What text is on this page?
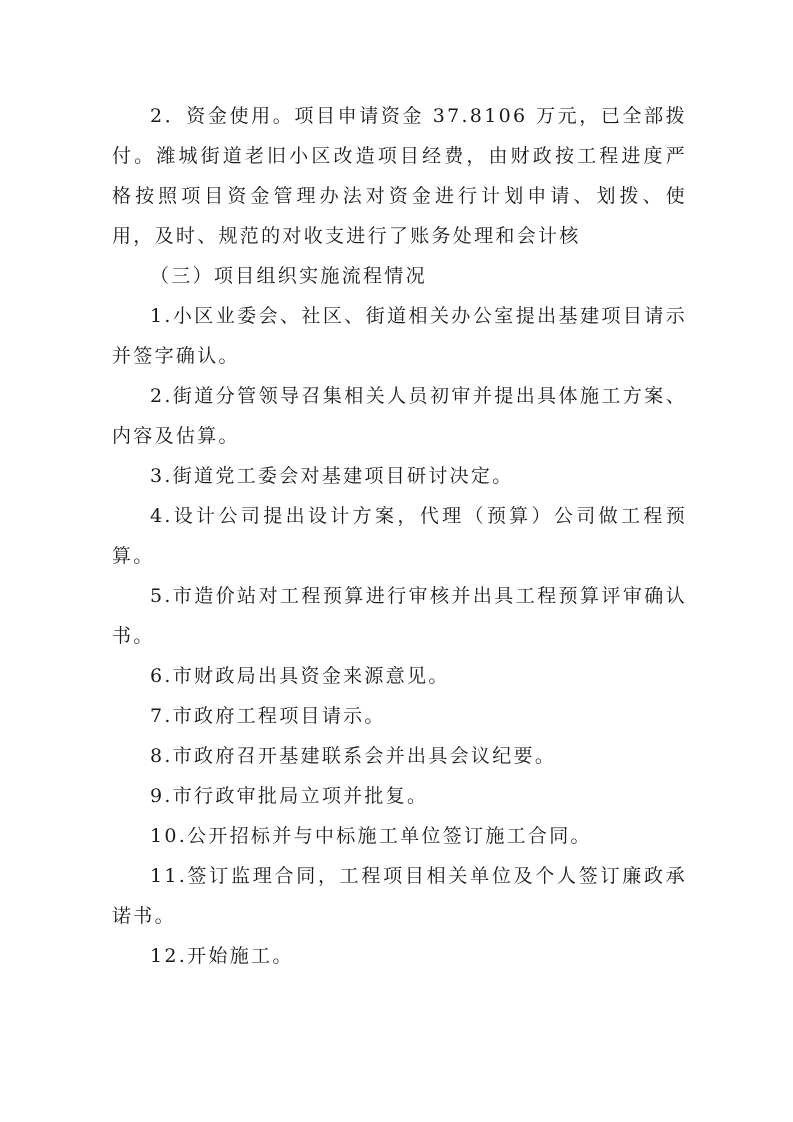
2．资金使用。项目申请资金 37.8106 万元，已全部拨付。潍城街道老旧小区改造项目经费，由财政按工程进度严格按照项目资金管理办法对资金进行计划申请、划拨、使用，及时、规范的对收支进行了账务处理和会计核

（三）项目组织实施流程情况

1.小区业委会、社区、街道相关办公室提出基建项目请示并签字确认。

2.街道分管领导召集相关人员初审并提出具体施工方案、内容及估算。

3.街道党工委会对基建项目研讨决定。

4.设计公司提出设计方案，代理（预算）公司做工程预算。

5.市造价站对工程预算进行审核并出具工程预算评审确认书。

6.市财政局出具资金来源意见。

7.市政府工程项目请示。

8.市政府召开基建联系会并出具会议纪要。

9.市行政审批局立项并批复。

10.公开招标并与中标施工单位签订施工合同。

11.签订监理合同，工程项目相关单位及个人签订廉政承诺书。

12.开始施工。
